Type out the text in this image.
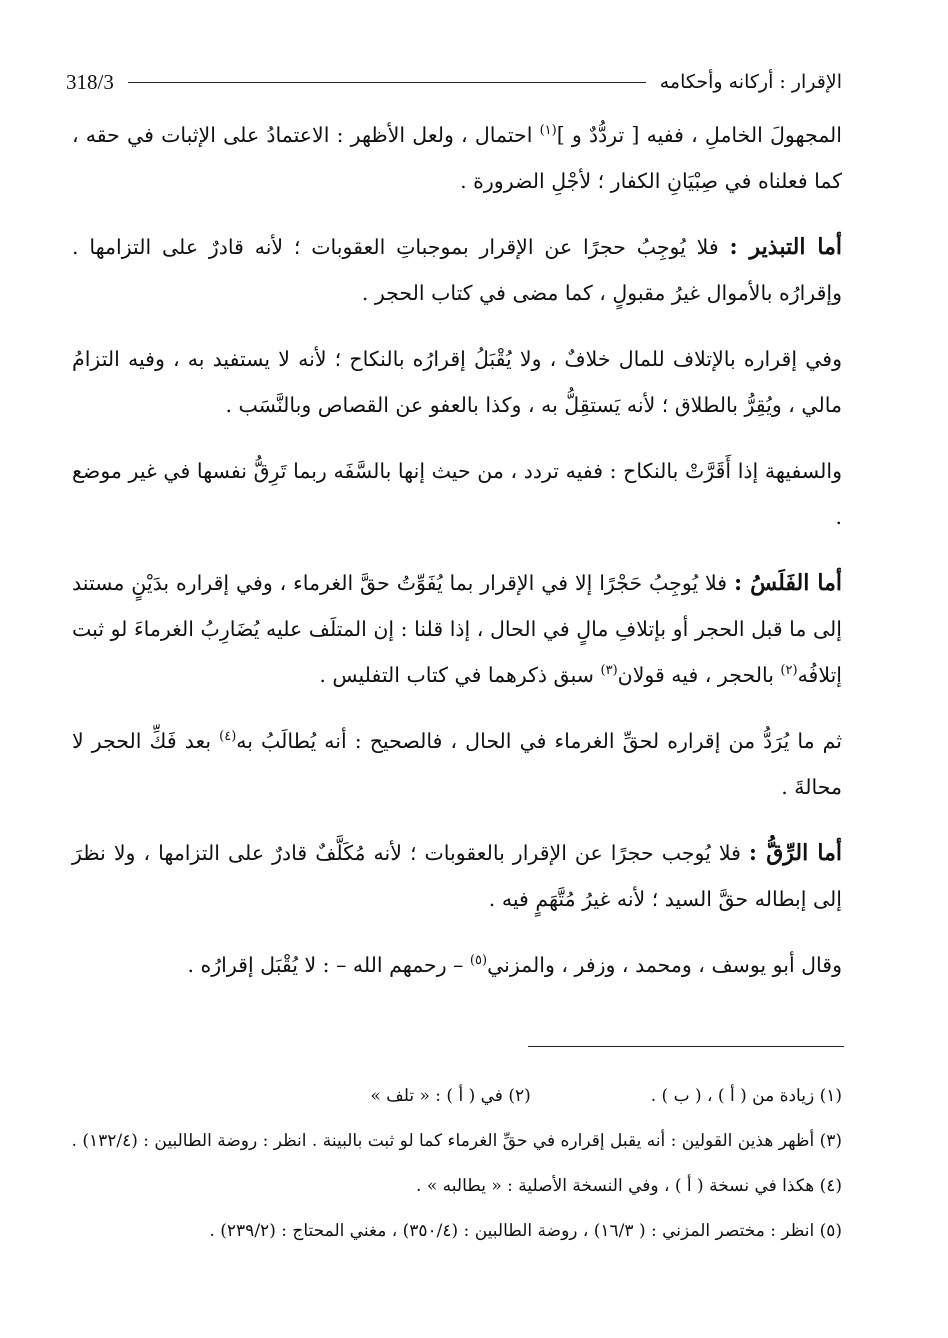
318/3	الإقرار : أركانه وأحكامه

المجهولَ الخاملِ ، ففيه [ تردُّدٌ و ]$^{(١)}$ احتمال ، ولعل الأظهر : الاعتمادُ على الإثبات في حقه ، كما فعلناه في صِبْيَانِ الكفار ؛ لأجْلِ الضرورة .

أما التبذير : فلا يُوجِبُ حجرًا عن الإقرار بموجباتِ العقوبات ؛ لأنه قادرٌ على التزامها . وإقرارُه بالأموال غيرُ مقبولٍ ، كما مضى في كتاب الحجر .

وفي إقراره بالإتلاف للمال خلافٌ ، ولا يُقْبَلُ إقرارُه بالنكاح ؛ لأنه لا يستفيد به ، وفيه التزامُ مالي ، ويُقِرُّ بالطلاق ؛ لأنه يَستقِلُّ به ، وكذا بالعفو عن القصاص وبالنَّسَب .

والسفيهة إذا أَقَرَّتْ بالنكاح : ففيه تردد ، من حيث إنها بالسَّفَه ربما تَرِقُّ نفسها في غير موضع .

أما الفَلَسُ : فلا يُوجِبُ حَجْرًا إلا في الإقرار بما يُفَوِّتُ حقَّ الغرماء ، وفي إقراره بدَيْنٍ مستند إلى ما قبل الحجر أو بإتلافِ مالٍ في الحال ، إذا قلنا : إن المتلَف عليه يُضَارِبُ الغرماءَ لو ثبت إتلافُه$^{(٢)}$ بالحجر ، فيه قولان$^{(٣)}$ سبق ذكرهما في كتاب التفليس .

ثم ما يُرَدُّ من إقراره لحقِّ الغرماء في الحال ، فالصحيح : أنه يُطالَبُ به$^{(٤)}$ بعد فَكِّ الحجر لا محالةَ .

أما الرِّقُّ : فلا يُوجب حجرًا عن الإقرار بالعقوبات ؛ لأنه مُكَلَّفٌ قادرٌ على التزامها ، ولا نظرَ إلى إبطاله حقَّ السيد ؛ لأنه غيرُ مُتَّهَمٍ فيه .

وقال أبو يوسف ، ومحمد ، وزفر ، والمزني$^{(٥)}$ – رحمهم الله – : لا يُقْبَل إقرارُه .

(١) زيادة من ( أ ) ، ( ب ) .
(٢) في ( أ ) : « تلف »

(٣) أظهر هذين القولين : أنه يقبل إقراره في حقِّ الغرماء كما لو ثبت بالبينة . انظر : روضة الطالبين : (١٣٢/٤) .

(٤) هكذا في نسخة ( أ ) ، وفي النسخة الأصلية : « يطالبه » .

(٥) انظر : مختصر المزني : ( ١٦/٣) ، روضة الطالبين : (٣٥٠/٤) ، مغني المحتاج : (٢٣٩/٢) .
